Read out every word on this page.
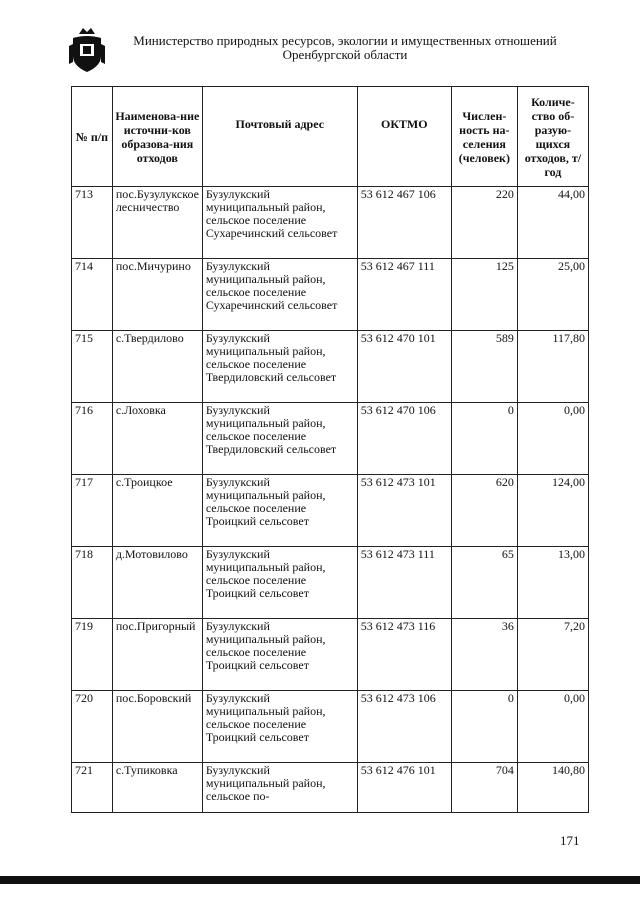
Министерство природных ресурсов, экологии и имущественных отношений
Оренбургской области
№ п/п	Наименова-ние источни-ков образова-ния отходов	Почтовый адрес	ОКТМО	Числен-ность на-селения (человек)	Количе-ство об-разую-щихся отходов, т/год
713	пос.Бузулукское лесничество	Бузулукский муниципальный район, сельское поселение Сухаречинский сельсовет	53 612 467 106	220	44,00
714	пос.Мичурино	Бузулукский муниципальный район, сельское поселение Сухаречинский сельсовет	53 612 467 111	125	25,00
715	с.Твердилово	Бузулукский муниципальный район, сельское поселение Твердиловский сельсовет	53 612 470 101	589	117,80
716	с.Лоховка	Бузулукский муниципальный район, сельское поселение Твердиловский сельсовет	53 612 470 106	0	0,00
717	с.Троицкое	Бузулукский муниципальный район, сельское поселение Троицкий сельсовет	53 612 473 101	620	124,00
718	д.Мотовилово	Бузулукский муниципальный район, сельское поселение Троицкий сельсовет	53 612 473 111	65	13,00
719	пос.Пригорный	Бузулукский муниципальный район, сельское поселение Троицкий сельсовет	53 612 473 116	36	7,20
720	пос.Боровский	Бузулукский муниципальный район, сельское поселение Троицкий сельсовет	53 612 473 106	0	0,00
721	с.Тупиковка	Бузулукский муниципальный район, сельское по-	53 612 476 101	704	140,80
171
